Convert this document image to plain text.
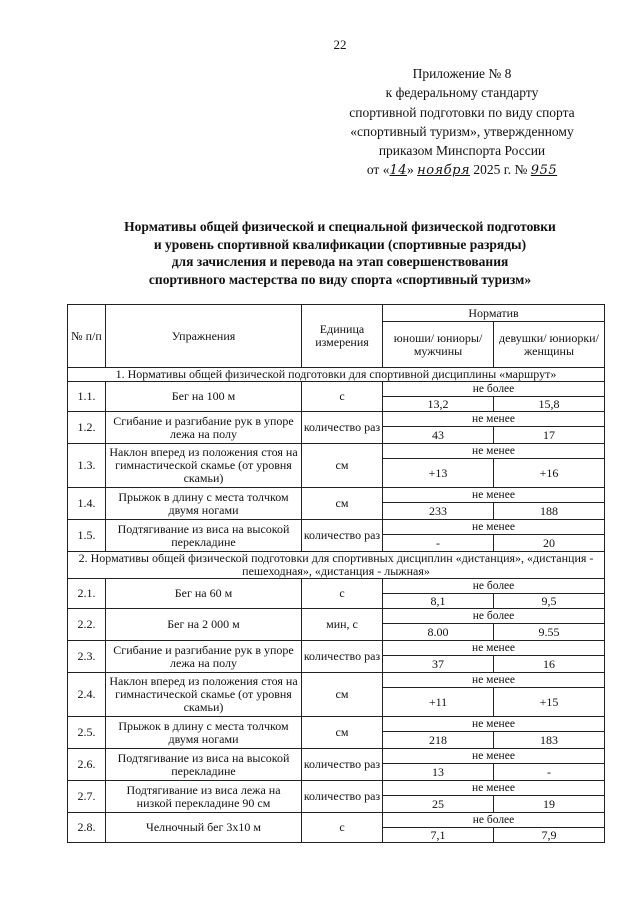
22
Приложение № 8
к федеральному стандарту
спортивной подготовки по виду спорта
«спортивный туризм», утвержденному
приказом Минспорта России
от «14» ноября 2025 г. № 955
Нормативы общей физической и специальной физической подготовки
и уровень спортивной квалификации (спортивные разряды)
для зачисления и перевода на этап совершенствования
спортивного мастерства по виду спорта «спортивный туризм»
№ п/п	Упражнения	Единица измерения	Норматив	
			юноши/ юниоры/ мужчины	девушки/ юниорки/ женщины
1. Нормативы общей физической подготовки для спортивной дисциплины «маршрут»				
1.1.	Бег на 100 м	с	не более	
			13,2	15,8
1.2.	Сгибание и разгибание рук в упоре лежа на полу	количество раз	не менее	
			43	17
1.3.	Наклон вперед из положения стоя на гимнастической скамье (от уровня скамьи)	см	не менее	
			+13	+16
1.4.	Прыжок в длину с места толчком двумя ногами	см	не менее	
			233	188
1.5.	Подтягивание из виса на высокой перекладине	количество раз	не менее	
			-	20
2. Нормативы общей физической подготовки для спортивных дисциплин «дистанция», «дистанция - пешеходная», «дистанция - лыжная»				
2.1.	Бег на 60 м	с	не более	
			8,1	9,5
2.2.	Бег на 2 000 м	мин, с	не более	
			8.00	9.55
2.3.	Сгибание и разгибание рук в упоре лежа на полу	количество раз	не менее	
			37	16
2.4.	Наклон вперед из положения стоя на гимнастической скамье (от уровня скамьи)	см	не менее	
			+11	+15
2.5.	Прыжок в длину с места толчком двумя ногами	см	не менее	
			218	183
2.6.	Подтягивание из виса на высокой перекладине	количество раз	не менее	
			13	-
2.7.	Подтягивание из виса лежа на низкой перекладине 90 см	количество раз	не менее	
			25	19
2.8.	Челночный бег 3х10 м	с	не более	
			7,1	7,9
